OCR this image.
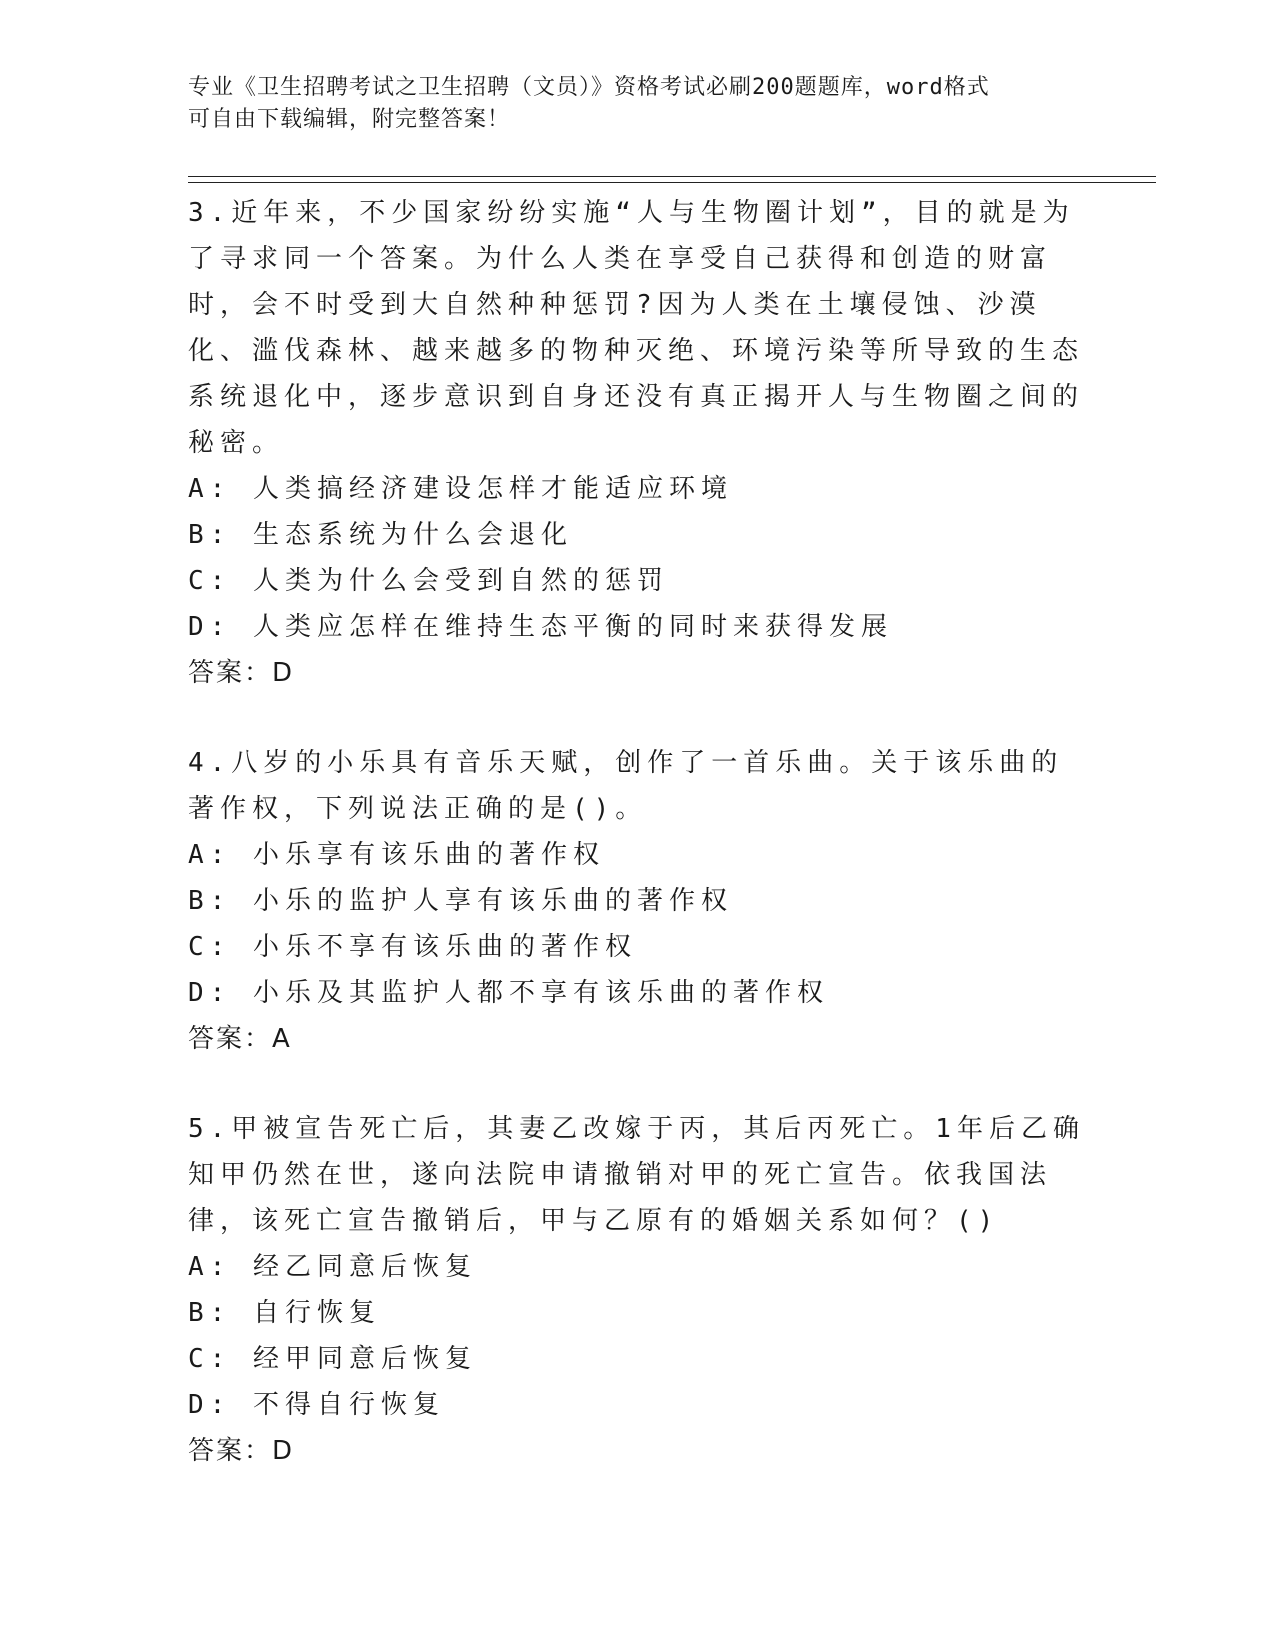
专业《卫生招聘考试之卫生招聘（文员）》资格考试必刷200题题库，word格式
可自由下载编辑，附完整答案！

3.近年来，不少国家纷纷实施“人与生物圈计划”，目的就是为了寻求同一个答案。为什么人类在享受自己获得和创造的财富时，会不时受到大自然种种惩罚?因为人类在土壤侵蚀、沙漠化、滥伐森林、越来越多的物种灭绝、环境污染等所导致的生态系统退化中，逐步意识到自身还没有真正揭开人与生物圈之间的秘密。

A: 人类搞经济建设怎样才能适应环境

B: 生态系统为什么会退化

C: 人类为什么会受到自然的惩罚

D: 人类应怎样在维持生态平衡的同时来获得发展

答案：D

4.八岁的小乐具有音乐天赋，创作了一首乐曲。关于该乐曲的著作权，下列说法正确的是()。

A: 小乐享有该乐曲的著作权

B: 小乐的监护人享有该乐曲的著作权

C: 小乐不享有该乐曲的著作权

D: 小乐及其监护人都不享有该乐曲的著作权

答案：A

5.甲被宣告死亡后，其妻乙改嫁于丙，其后丙死亡。1年后乙确知甲仍然在世，遂向法院申请撤销对甲的死亡宣告。依我国法律，该死亡宣告撤销后，甲与乙原有的婚姻关系如何？()

A: 经乙同意后恢复

B: 自行恢复

C: 经甲同意后恢复

D: 不得自行恢复

答案：D
